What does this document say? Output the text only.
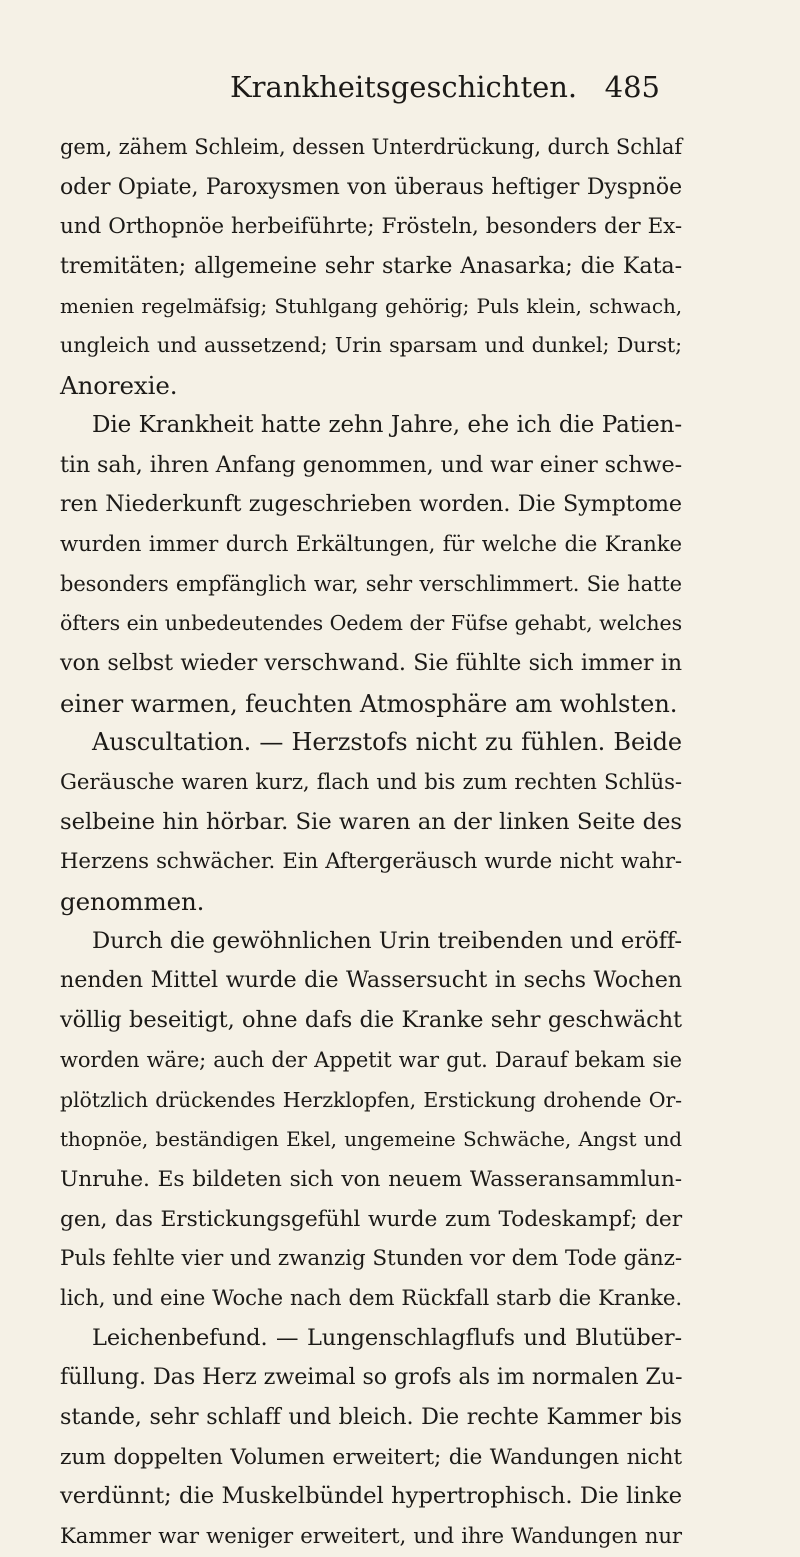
Krankheitsgeschichten. 485
gem, zähem Schleim, dessen Unterdrückung, durch Schlaf
oder Opiate, Paroxysmen von überaus heftiger Dyspnöe
und Orthopnöe herbeiführte; Frösteln, besonders der Ex-
tremitäten; allgemeine sehr starke Anasarka; die Kata-
menien regelmäfsig; Stuhlgang gehörig; Puls klein, schwach,
ungleich und aussetzend; Urin sparsam und dunkel; Durst;
Anorexie.
Die Krankheit hatte zehn Jahre, ehe ich die Patien-
tin sah, ihren Anfang genommen, und war einer schwe-
ren Niederkunft zugeschrieben worden. Die Symptome
wurden immer durch Erkältungen, für welche die Kranke
besonders empfänglich war, sehr verschlimmert. Sie hatte
öfters ein unbedeutendes Oedem der Füfse gehabt, welches
von selbst wieder verschwand. Sie fühlte sich immer in
einer warmen, feuchten Atmosphäre am wohlsten.
Auscultation. — Herzstofs nicht zu fühlen. Beide
Geräusche waren kurz, flach und bis zum rechten Schlüs-
selbeine hin hörbar. Sie waren an der linken Seite des
Herzens schwächer. Ein Aftergeräusch wurde nicht wahr-
genommen.
Durch die gewöhnlichen Urin treibenden und eröff-
nenden Mittel wurde die Wassersucht in sechs Wochen
völlig beseitigt, ohne dafs die Kranke sehr geschwächt
worden wäre; auch der Appetit war gut. Darauf bekam sie
plötzlich drückendes Herzklopfen, Erstickung drohende Or-
thopnöe, beständigen Ekel, ungemeine Schwäche, Angst und
Unruhe. Es bildeten sich von neuem Wasseransammlun-
gen, das Erstickungsgefühl wurde zum Todeskampf; der
Puls fehlte vier und zwanzig Stunden vor dem Tode gänz-
lich, und eine Woche nach dem Rückfall starb die Kranke.
Leichenbefund. — Lungenschlagflufs und Blutüber-
füllung. Das Herz zweimal so grofs als im normalen Zu-
stande, sehr schlaff und bleich. Die rechte Kammer bis
zum doppelten Volumen erweitert; die Wandungen nicht
verdünnt; die Muskelbündel hypertrophisch. Die linke
Kammer war weniger erweitert, und ihre Wandungen nur
